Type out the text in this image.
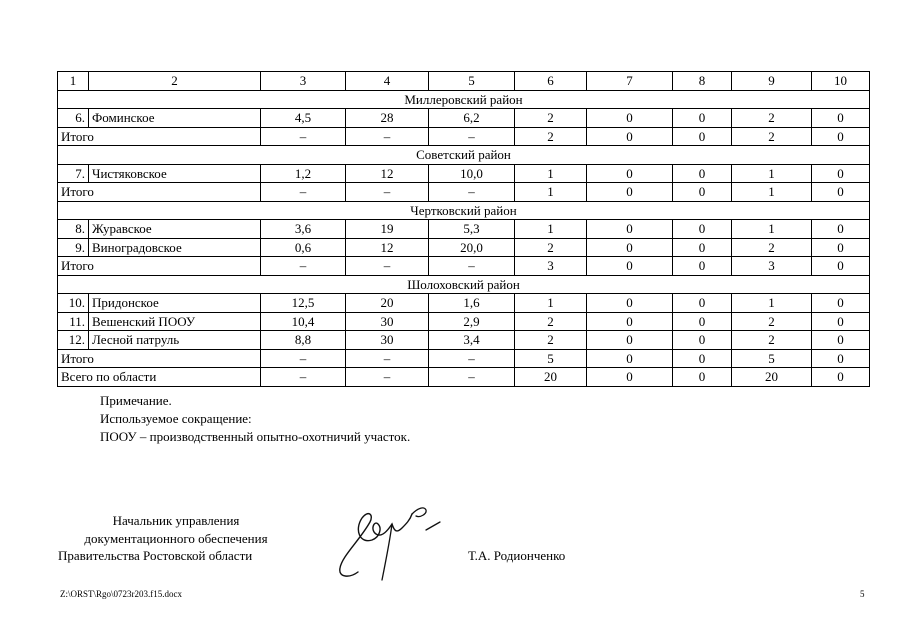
1	2	3	4	5	6	7	8	9	10
Миллеровский район									
6.	Фоминское	4,5	28	6,2	2	0	0	2	0
Итого		–	–	–	2	0	0	2	0
Советский район									
7.	Чистяковское	1,2	12	10,0	1	0	0	1	0
Итого		–	–	–	1	0	0	1	0
Чертковский район									
8.	Журавское	3,6	19	5,3	1	0	0	1	0
9.	Виноградовское	0,6	12	20,0	2	0	0	2	0
Итого		–	–	–	3	0	0	3	0
Шолоховский район									
10.	Придонское	12,5	20	1,6	1	0	0	1	0
11.	Вешенский ПООУ	10,4	30	2,9	2	0	0	2	0
12.	Лесной патруль	8,8	30	3,4	2	0	0	2	0
Итого		–	–	–	5	0	0	5	0
Всего по области		–	–	–	20	0	0	20	0
Примечание.
Используемое сокращение:
ПООУ – производственный опытно-охотничий участок.
Начальник управления
документационного обеспечения
Правительства Ростовской области	Т.А. Родионченко
Z:\ORST\Rgo\0723r203.f15.docx	5
